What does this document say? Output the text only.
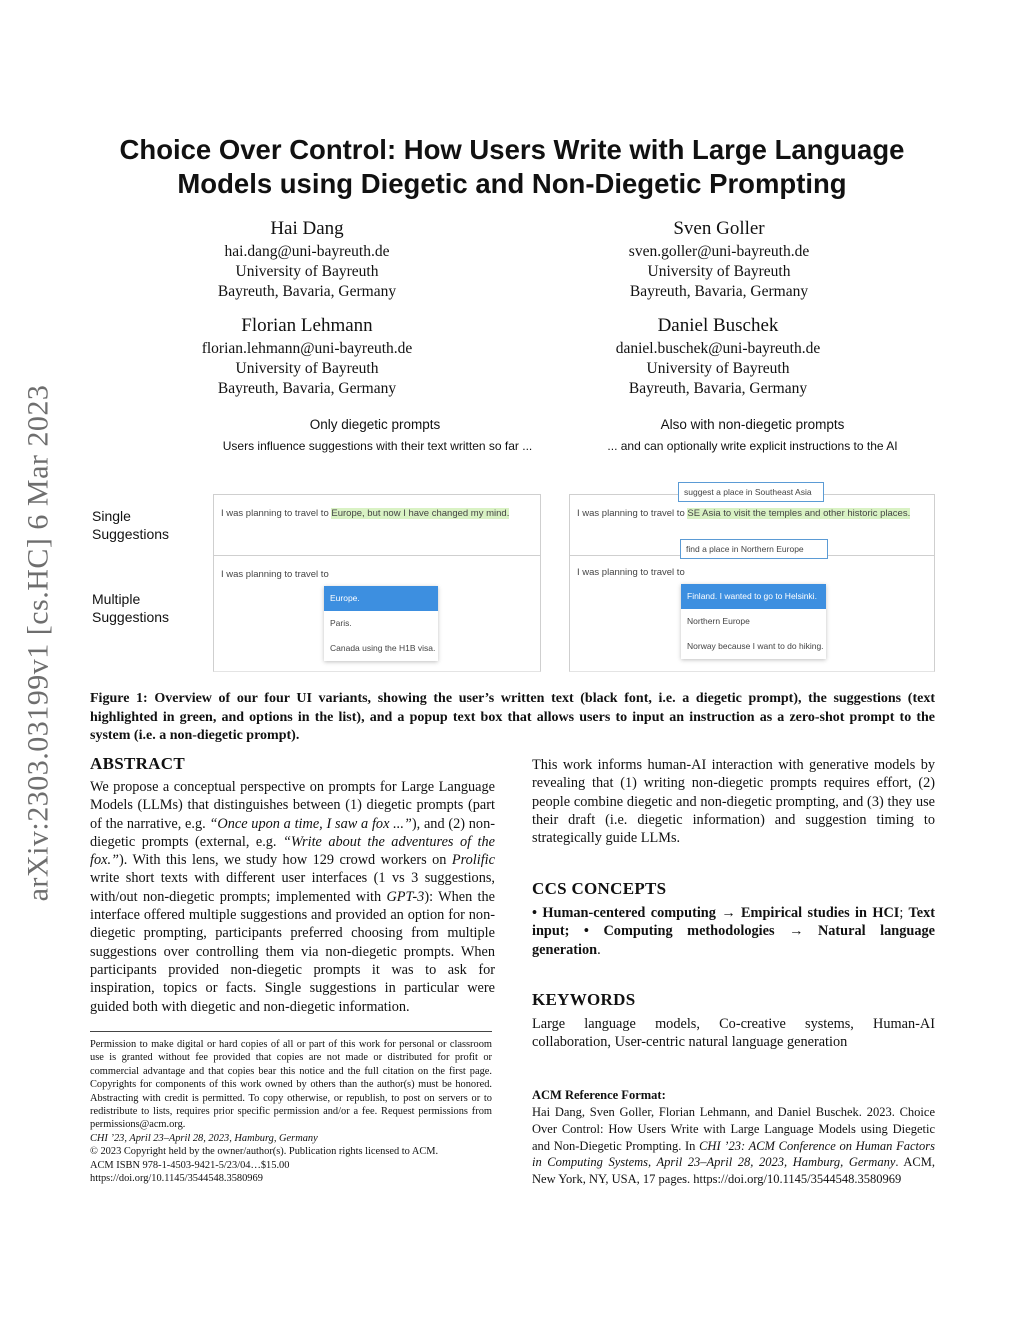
arXiv:2303.03199v1 [cs.HC] 6 Mar 2023
Choice Over Control: How Users Write with Large Language
Models using Diegetic and Non-Diegetic Prompting
Hai Dang
hai.dang@uni-bayreuth.de
University of Bayreuth
Bayreuth, Bavaria, Germany
Sven Goller
sven.goller@uni-bayreuth.de
University of Bayreuth
Bayreuth, Bavaria, Germany
Florian Lehmann
florian.lehmann@uni-bayreuth.de
University of Bayreuth
Bayreuth, Bavaria, Germany
Daniel Buschek
daniel.buschek@uni-bayreuth.de
University of Bayreuth
Bayreuth, Bavaria, Germany
Only diegetic prompts
Users influence suggestions with their text written so far ...
Also with non-diegetic prompts
... and can optionally write explicit instructions to the AI
Single
Suggestions
Multiple
Suggestions
I was planning to travel to Europe, but now I have changed my mind.	I was planning to travel to SE Asia to visit the temples and other historic places.
suggest a place in Southeast Asia
I was planning to travel to
Europe.
Paris.
Canada using the H1B visa.
I was planning to travel to
find a place in Northern Europe
Finland. I wanted to go to Helsinki.
Northern Europe
Norway because I want to do hiking.
Figure 1: Overview of our four UI variants, showing the user’s written text (black font, i.e. a diegetic prompt), the suggestions (text highlighted in green, and options in the list), and a popup text box that allows users to input an instruction as a zero-shot prompt to the system (i.e. a non-diegetic prompt).
ABSTRACT
We propose a conceptual perspective on prompts for Large Language Models (LLMs) that distinguishes between (1) diegetic prompts (part of the narrative, e.g. “Once upon a time, I saw a fox ...”), and (2) non-diegetic prompts (external, e.g. “Write about the adventures of the fox.”). With this lens, we study how 129 crowd workers on Prolific write short texts with different user interfaces (1 vs 3 suggestions, with/out non-diegetic prompts; implemented with GPT-3): When the interface offered multiple suggestions and provided an option for non-diegetic prompting, participants preferred choosing from multiple suggestions over controlling them via non-diegetic prompts. When participants provided non-diegetic prompts it was to ask for inspiration, topics or facts. Single suggestions in particular were guided both with diegetic and non-diegetic information.
Permission to make digital or hard copies of all or part of this work for personal or classroom use is granted without fee provided that copies are not made or distributed for profit or commercial advantage and that copies bear this notice and the full citation on the first page. Copyrights for components of this work owned by others than the author(s) must be honored. Abstracting with credit is permitted. To copy otherwise, or republish, to post on servers or to redistribute to lists, requires prior specific permission and/or a fee. Request permissions from permissions@acm.org.
CHI ’23, April 23–April 28, 2023, Hamburg, Germany
© 2023 Copyright held by the owner/author(s). Publication rights licensed to ACM.
ACM ISBN 978-1-4503-9421-5/23/04…$15.00
https://doi.org/10.1145/3544548.3580969
This work informs human-AI interaction with generative models by revealing that (1) writing non-diegetic prompts requires effort, (2) people combine diegetic and non-diegetic prompting, and (3) they use their draft (i.e. diegetic information) and suggestion timing to strategically guide LLMs.
CCS CONCEPTS
• Human-centered computing → Empirical studies in HCI; Text input; • Computing methodologies → Natural language generation.
KEYWORDS
Large language models, Co-creative systems, Human-AI collaboration, User-centric natural language generation
ACM Reference Format:
Hai Dang, Sven Goller, Florian Lehmann, and Daniel Buschek. 2023. Choice Over Control: How Users Write with Large Language Models using Diegetic and Non-Diegetic Prompting. In CHI ’23: ACM Conference on Human Factors in Computing Systems, April 23–April 28, 2023, Hamburg, Germany. ACM, New York, NY, USA, 17 pages. https://doi.org/10.1145/3544548.3580969
